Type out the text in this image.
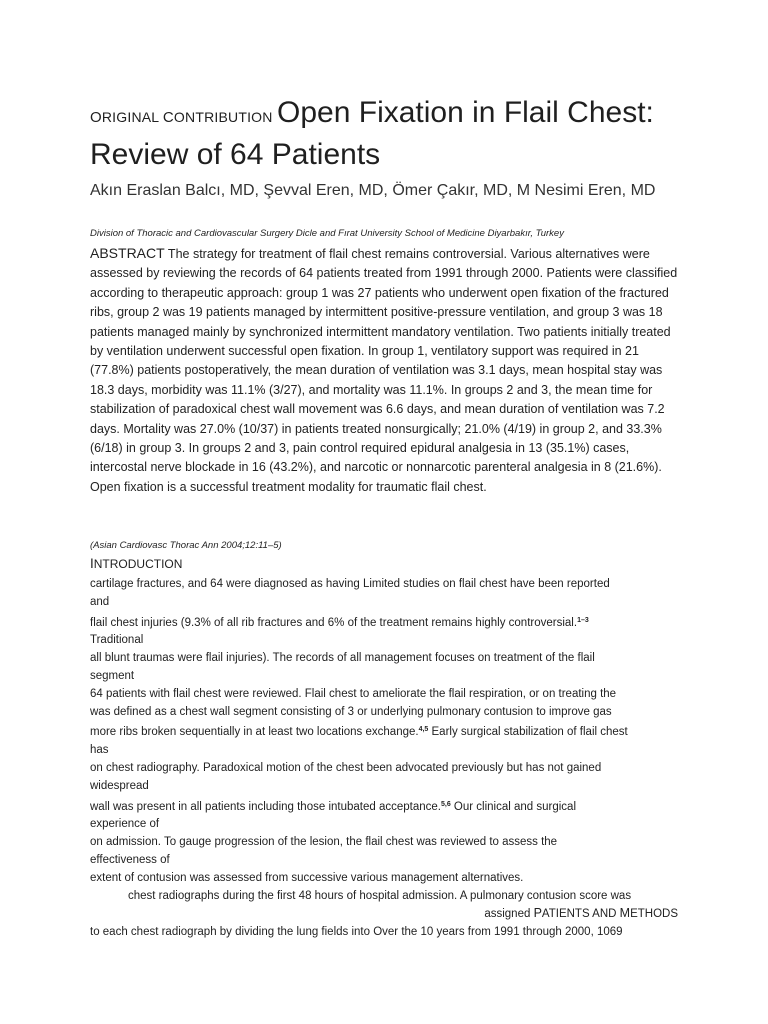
ORIGINAL CONTRIBUTION Open Fixation in Flail Chest:
Review of 64 Patients
Akın Eraslan Balcı, MD, Şevval Eren, MD, Ömer Çakır, MD, M Nesimi Eren, MD
Division of Thoracic and Cardiovascular Surgery Dicle and Fırat University School of Medicine Diyarbakır, Turkey
ABSTRACT The strategy for treatment of flail chest remains controversial. Various alternatives were assessed by reviewing the records of 64 patients treated from 1991 through 2000. Patients were classified according to therapeutic approach: group 1 was 27 patients who underwent open fixation of the fractured ribs, group 2 was 19 patients managed by intermittent positive-pressure ventilation, and group 3 was 18 patients managed mainly by synchronized intermittent mandatory ventilation. Two patients initially treated by ventilation underwent successful open fixation. In group 1, ventilatory support was required in 21 (77.8%) patients postoperatively, the mean duration of ventilation was 3.1 days, mean hospital stay was 18.3 days, morbidity was 11.1% (3/27), and mortality was 11.1%. In groups 2 and 3, the mean time for stabilization of paradoxical chest wall movement was 6.6 days, and mean duration of ventilation was 7.2 days. Mortality was 27.0% (10/37) in patients treated nonsurgically; 21.0% (4/19) in group 2, and 33.3% (6/18) in group 3. In groups 2 and 3, pain control required epidural analgesia in 13 (35.1%) cases, intercostal nerve blockade in 16 (43.2%), and narcotic or nonnarcotic parenteral analgesia in 8 (21.6%). Open fixation is a successful treatment modality for traumatic flail chest.
(Asian Cardiovasc Thorac Ann 2004;12:11–5)
INTRODUCTION
cartilage fractures, and 64 were diagnosed as having Limited studies on flail chest have been reported
and
flail chest injuries (9.3% of all rib fractures and 6% of the treatment remains highly controversial.$^{1-3}$
Traditional
all blunt traumas were flail injuries). The records of all management focuses on treatment of the flail
segment
64 patients with flail chest were reviewed. Flail chest to ameliorate the flail respiration, or on treating the
was defined as a chest wall segment consisting of 3 or underlying pulmonary contusion to improve gas
more ribs broken sequentially in at least two locations exchange.$^{4,5}$ Early surgical stabilization of flail chest
has
on chest radiography. Paradoxical motion of the chest been advocated previously but has not gained
widespread
wall was present in all patients including those intubated acceptance.$^{5,6}$ Our clinical and surgical
experience of
on admission. To gauge progression of the lesion, the flail chest was reviewed to assess the
effectiveness of
extent of contusion was assessed from successive various management alternatives.
chest radiographs during the first 48 hours of hospital admission. A pulmonary contusion score was
assigned PATIENTS AND METHODS
to each chest radiograph by dividing the lung fields into Over the 10 years from 1991 through 2000, 1069
